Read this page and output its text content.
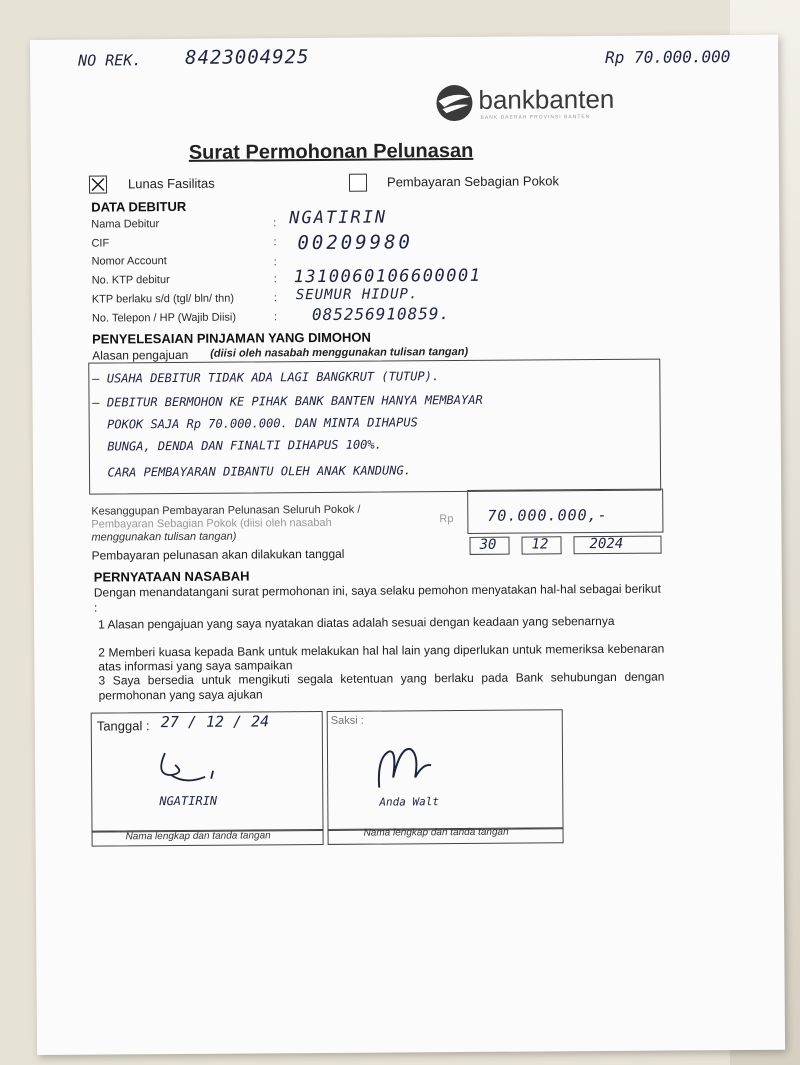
NO REK. 8423004925	Rp 70.000.000
bankbanten
BANK DAERAH PROVINSI BANTEN
Surat Permohonan Pelunasan
Lunas Fasilitas	Pembayaran Sebagian Pokok
DATA DEBITUR
Nama Debitur	: NGATIRIN
CIF	: 00209980
Nomor Account	:
No. KTP debitur	: 1310060106600001
KTP berlaku s/d (tgl/ bln/ thn)	: SEUMUR HIDUP.
No. Telepon / HP (Wajib Diisi)	: 085256910859.
PENYELESAIAN PINJAMAN YANG DIMOHON
Alasan pengajuan (diisi oleh nasabah menggunakan tulisan tangan)
– USAHA DEBITUR TIDAK ADA LAGI BANGKRUT (TUTUP).
– DEBITUR BERMOHON KE PIHAK BANK BANTEN HANYA MEMBAYAR
POKOK SAJA Rp 70.000.000. DAN MINTA DIHAPUS
BUNGA, DENDA DAN FINALTI DIHAPUS 100%.
CARA PEMBAYARAN DIBANTU OLEH ANAK KANDUNG.
Kesanggupan Pembayaran Pelunasan Seluruh Pokok /
Pembayaran Sebagian Pokok (diisi oleh nasabah
menggunakan tulisan tangan)
Rp 70.000.000,-
Pembayaran pelunasan akan dilakukan tanggal
30	12	2024
PERNYATAAN NASABAH
Dengan menandatangani surat permohonan ini, saya selaku pemohon menyatakan hal-hal sebagai berikut :
1 Alasan pengajuan yang saya nyatakan diatas adalah sesuai dengan keadaan yang sebenarnya
2 Memberi kuasa kepada Bank untuk melakukan hal hal lain yang diperlukan untuk memeriksa kebenaran atas informasi yang saya sampaikan
3 Saya bersedia untuk mengikuti segala ketentuan yang berlaku pada Bank sehubungan dengan permohonan yang saya ajukan
Tanggal : 27 / 12 / 24	Saksi :
NGATIRIN	Anda Walt
Nama lengkap dan tanda tangan	Nama lengkap dan tanda tangan
